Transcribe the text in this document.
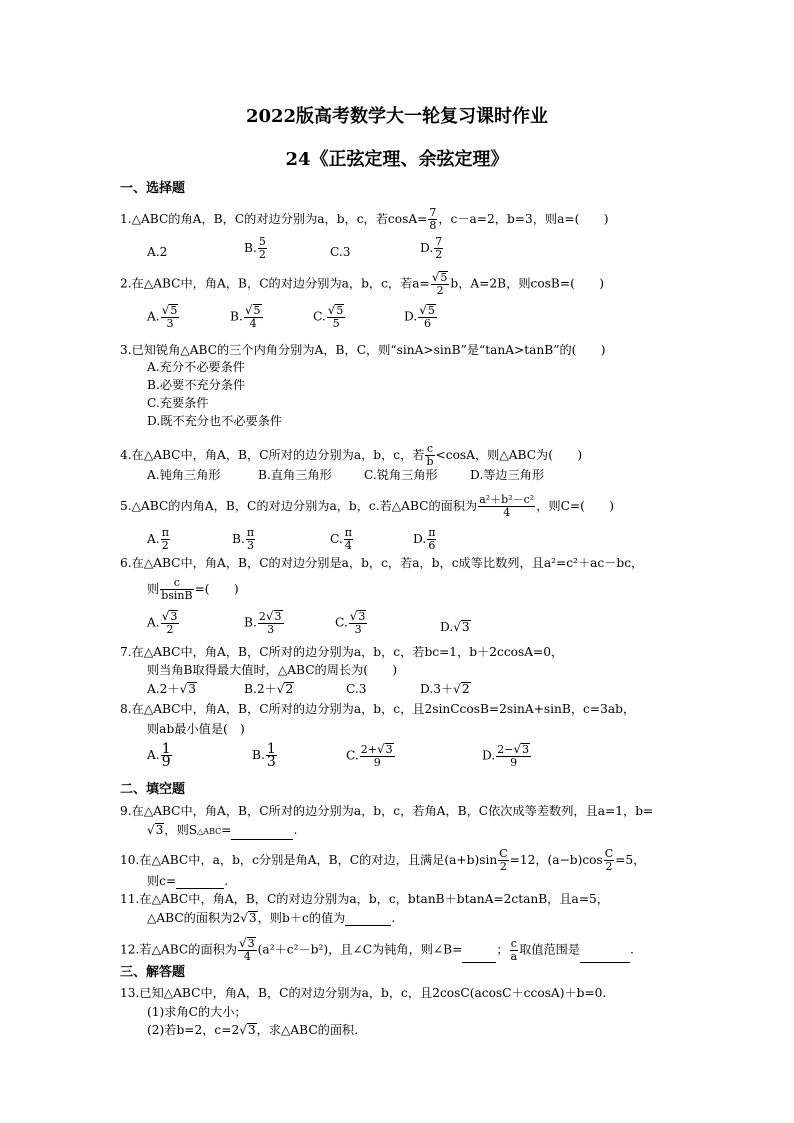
2022版高考数学大一轮复习课时作业
24《正弦定理、余弦定理》
一、选择题
1.△ABC的角A，B，C的对边分别为a，b，c，若$\cos A= \frac{7}{8}$ ，c－a=2，b=3，则a=(　　)
A.2	B. $\frac{5}{2}$	C.3	D. $\frac{7}{2}$
2.在△ABC中，角A，B，C的对边分别为a，b，c，若$a= \frac{√5}{2}$ b，A=2B，则cosB=(　　)
A. $\frac{√5}{3}$	B. $\frac{√5}{4}$	C. $\frac{√5}{5}$	D. $\frac{√5}{6}$
3.已知锐角△ABC的三个内角分别为A，B，C，则“sinA>sinB”是“tanA>tanB”的(　　)
A.充分不必要条件
B.必要不充分条件
C.充要条件
D.既不充分也不必要条件
4.在△ABC中，角A，B，C所对的边分别为a，b，c，若 $\frac{c}{b} <\cos A$，则△ABC为(　　)
A.钝角三角形	B.直角三角形	C.锐角三角形	D.等边三角形
5.△ABC的内角A，B，C的对边分别为a，b，c.若△ABC的面积为 $\frac{\text{a²＋b²－c²}}{4}$ ，则C=(　　)
A. $\frac{\pi}{2}$	B. $\frac{\pi}{3}$	C. $\frac{\pi}{4}$	D. $\frac{\pi}{6}$
6.在△ABC中，角A，B，C的对边分别是a，b，c，若a，b，c成等比数列，且a²=c²＋ac－bc，
则 $\frac{c}{bsinB}$ =(　　)
A. $\frac{√3}{2}$	B. $\frac{2√3}{3}$	C. $\frac{√3}{3}$	D.√3
7.在△ABC中，角A，B，C所对的边分别为a，b，c，若bc=1，b＋2ccosA=0，
则当角B取得最大值时，△ABC的周长为(　　)
A.2＋√3	B.2＋√2	C.3	D.3＋√2
8.在△ABC中，角A，B，C所对的边分别为a，b，c，且2sinCcosB=2sinA+sinB，c=3ab，
则ab最小值是(　)
A. $\frac{1}{9}$	B. $\frac{1}{3}$	C. $\frac{2+√3}{9}$	D. $\frac{2-√3}{9}$
二、填空题
9.在△ABC中，角A，B，C所对的边分别为a，b，c，若角A，B，C依次成等差数列，且a=1，b=
√3，则S△ABC=	.
10.在△ABC中，a，b，c分别是角A，B，C的对边，且满足$(a+b)\sin \frac{C}{2} =12$，$(a-b)\cos \frac{C}{2} =5$，
则c=	.
11.在△ABC中，角A，B，C的对边分别为a，b，c，btanB＋btanA=2ctanB，且a=5，
△ABC的面积为2√3，则b＋c的值为	.
12.若△ABC的面积为 $\frac{√3}{4} (a^2+c^2-b^2)$，且∠C为钝角，则∠B=	； $\frac{c}{a}$ 取值范围是	.
三、解答题
13.已知△ABC中，角A，B，C的对边分别为a，b，c，且2cosC(acosC＋ccosA)＋b=0.
(1)求角C的大小；
(2)若b=2，c=2√3，求△ABC的面积.
